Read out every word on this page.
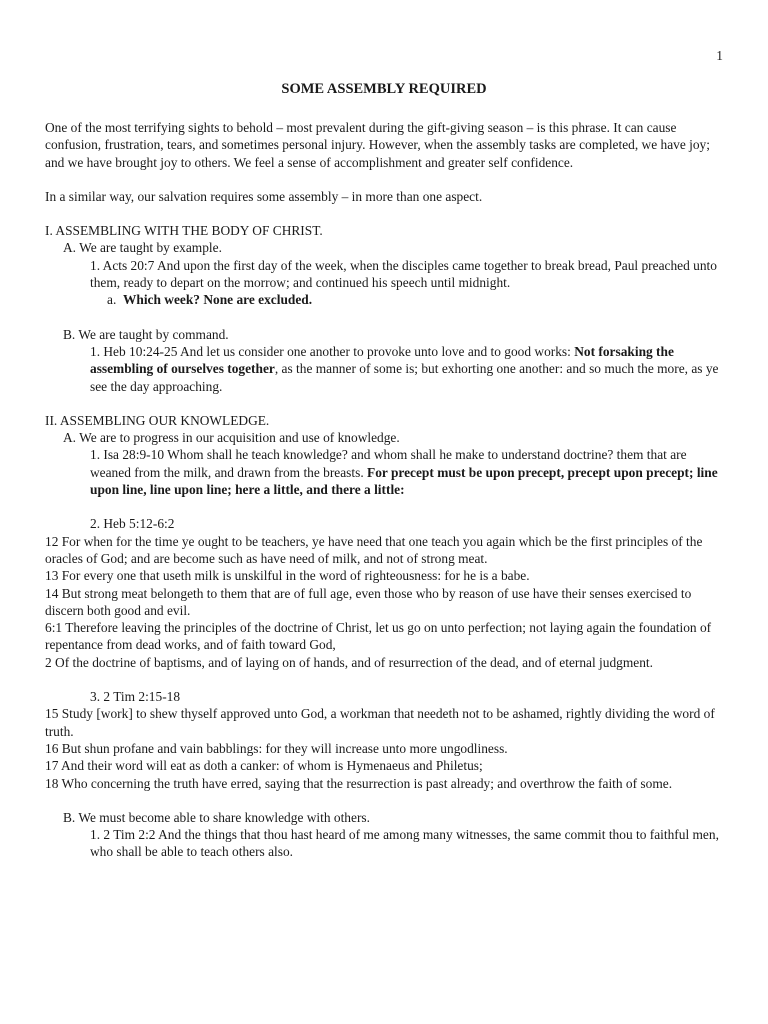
1
SOME ASSEMBLY REQUIRED

One of the most terrifying sights to behold – most prevalent during the gift-giving season – is this phrase. It can cause confusion, frustration, tears, and sometimes personal injury. However, when the assembly tasks are completed, we have joy; and we have brought joy to others. We feel a sense of accomplishment and greater self confidence.

In a similar way, our salvation requires some assembly – in more than one aspect.

I. ASSEMBLING WITH THE BODY OF CHRIST.

A. We are taught by example.

1. Acts 20:7 And upon the first day of the week, when the disciples came together to break bread, Paul preached unto them, ready to depart on the morrow; and continued his speech until midnight.

a. Which week? None are excluded.

B. We are taught by command.

1. Heb 10:24-25 And let us consider one another to provoke unto love and to good works: Not forsaking the assembling of ourselves together, as the manner of some is; but exhorting one another: and so much the more, as ye see the day approaching.

II. ASSEMBLING OUR KNOWLEDGE.

A. We are to progress in our acquisition and use of knowledge.

1. Isa 28:9-10 Whom shall he teach knowledge? and whom shall he make to understand doctrine? them that are weaned from the milk, and drawn from the breasts. For precept must be upon precept, precept upon precept; line upon line, line upon line; here a little, and there a little:

2. Heb 5:12-6:2

12 For when for the time ye ought to be teachers, ye have need that one teach you again which be the first principles of the oracles of God; and are become such as have need of milk, and not of strong meat.

13 For every one that useth milk is unskilful in the word of righteousness: for he is a babe.

14 But strong meat belongeth to them that are of full age, even those who by reason of use have their senses exercised to discern both good and evil.

6:1 Therefore leaving the principles of the doctrine of Christ, let us go on unto perfection; not laying again the foundation of repentance from dead works, and of faith toward God,

2 Of the doctrine of baptisms, and of laying on of hands, and of resurrection of the dead, and of eternal judgment.

3. 2 Tim 2:15-18

15 Study [work] to shew thyself approved unto God, a workman that needeth not to be ashamed, rightly dividing the word of truth.

16 But shun profane and vain babblings: for they will increase unto more ungodliness.

17 And their word will eat as doth a canker: of whom is Hymenaeus and Philetus;

18 Who concerning the truth have erred, saying that the resurrection is past already; and overthrow the faith of some.

B. We must become able to share knowledge with others.

1. 2 Tim 2:2 And the things that thou hast heard of me among many witnesses, the same commit thou to faithful men, who shall be able to teach others also.
